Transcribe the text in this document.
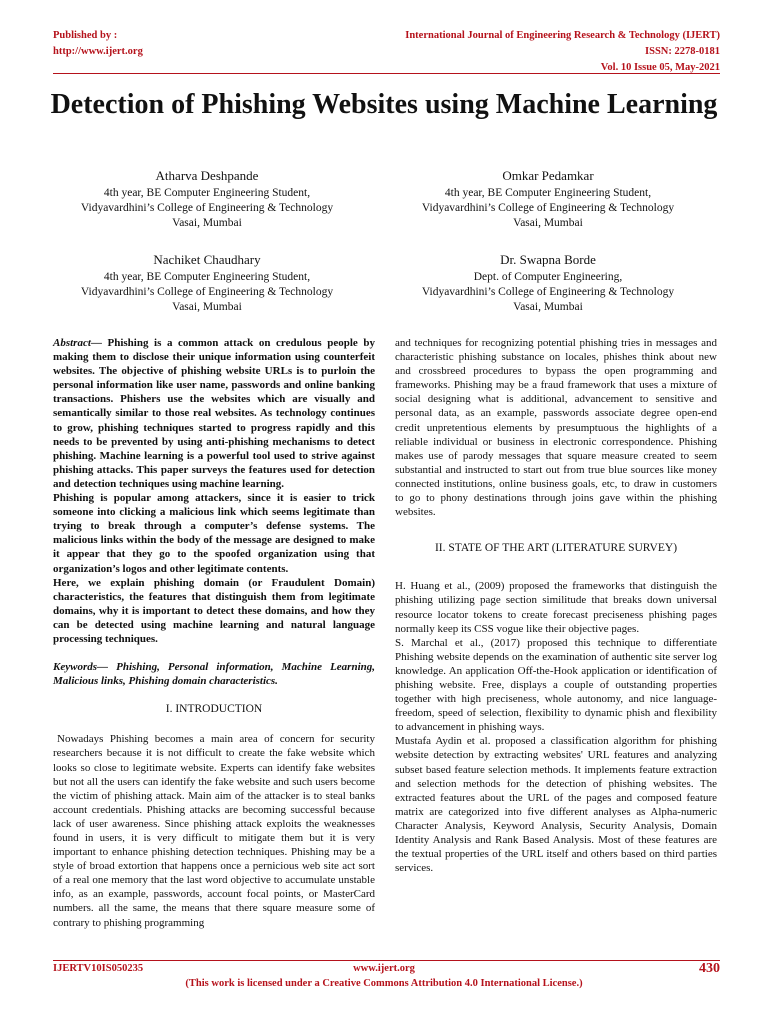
Published by :
http://www.ijert.org
International Journal of Engineering Research & Technology (IJERT)
ISSN: 2278-0181
Vol. 10 Issue 05, May-2021
Detection of Phishing Websites using Machine Learning
Atharva Deshpande
4th year, BE Computer Engineering Student,
Vidyavardhini’s College of Engineering & Technology
Vasai, Mumbai
Omkar Pedamkar
4th year, BE Computer Engineering Student,
Vidyavardhini’s College of Engineering & Technology
Vasai, Mumbai
Nachiket Chaudhary
4th year, BE Computer Engineering Student,
Vidyavardhini’s College of Engineering & Technology
Vasai, Mumbai
Dr. Swapna Borde
Dept. of Computer Engineering,
Vidyavardhini’s College of Engineering & Technology
Vasai, Mumbai

Abstract— Phishing is a common attack on credulous people by making them to disclose their unique information using counterfeit websites. The objective of phishing website URLs is to purloin the personal information like user name, passwords and online banking transactions. Phishers use the websites which are visually and semantically similar to those real websites. As technology continues to grow, phishing techniques started to progress rapidly and this needs to be prevented by using anti-phishing mechanisms to detect phishing. Machine learning is a powerful tool used to strive against phishing attacks. This paper surveys the features used for detection and detection techniques using machine learning.

Phishing is popular among attackers, since it is easier to trick someone into clicking a malicious link which seems legitimate than trying to break through a computer’s defense systems. The malicious links within the body of the message are designed to make it appear that they go to the spoofed organization using that organization’s logos and other legitimate contents.

Here, we explain phishing domain (or Fraudulent Domain) characteristics, the features that distinguish them from legitimate domains, why it is important to detect these domains, and how they can be detected using machine learning and natural language processing techniques.

Keywords— Phishing, Personal information, Machine Learning, Malicious links, Phishing domain characteristics.

I. INTRODUCTION

Nowadays Phishing becomes a main area of concern for security researchers because it is not difficult to create the fake website which looks so close to legitimate website. Experts can identify fake websites but not all the users can identify the fake website and such users become the victim of phishing attack. Main aim of the attacker is to steal banks account credentials. Phishing attacks are becoming successful because lack of user awareness. Since phishing attack exploits the weaknesses found in users, it is very difficult to mitigate them but it is very important to enhance phishing detection techniques. Phishing may be a style of broad extortion that happens once a pernicious web site act sort of a real one memory that the last word objective to accumulate unstable info, as an example, passwords, account focal points, or MasterCard numbers. all the same, the means that there square measure some of contrary to phishing programming

and techniques for recognizing potential phishing tries in messages and characteristic phishing substance on locales, phishes think about new and crossbreed procedures to bypass the open programming and frameworks. Phishing may be a fraud framework that uses a mixture of social designing what is additional, advancement to sensitive and personal data, as an example, passwords associate degree open-end credit unpretentious elements by presumptuous the highlights of a reliable individual or business in electronic correspondence. Phishing makes use of parody messages that square measure created to seem substantial and instructed to start out from true blue sources like money connected institutions, online business goals, etc, to draw in customers to go to phony destinations through joins gave within the phishing websites.

II. STATE OF THE ART (LITERATURE SURVEY)

H. Huang et al., (2009) proposed the frameworks that distinguish the phishing utilizing page section similitude that breaks down universal resource locator tokens to create forecast preciseness phishing pages normally keep its CSS vogue like their objective pages.

S. Marchal et al., (2017) proposed this technique to differentiate Phishing website depends on the examination of authentic site server log knowledge. An application Off-the-Hook application or identification of phishing website. Free, displays a couple of outstanding properties together with high preciseness, whole autonomy, and nice language-freedom, speed of selection, flexibility to dynamic phish and flexibility to advancement in phishing ways.

Mustafa Aydin et al. proposed a classification algorithm for phishing website detection by extracting websites' URL features and analyzing subset based feature selection methods. It implements feature extraction and selection methods for the detection of phishing websites. The extracted features about the URL of the pages and composed feature matrix are categorized into five different analyses as Alpha-numeric Character Analysis, Keyword Analysis, Security Analysis, Domain Identity Analysis and Rank Based Analysis. Most of these features are the textual properties of the URL itself and others based on third parties services.

IJERTV10IS050235	www.ijert.org	430
(This work is licensed under a Creative Commons Attribution 4.0 International License.)
